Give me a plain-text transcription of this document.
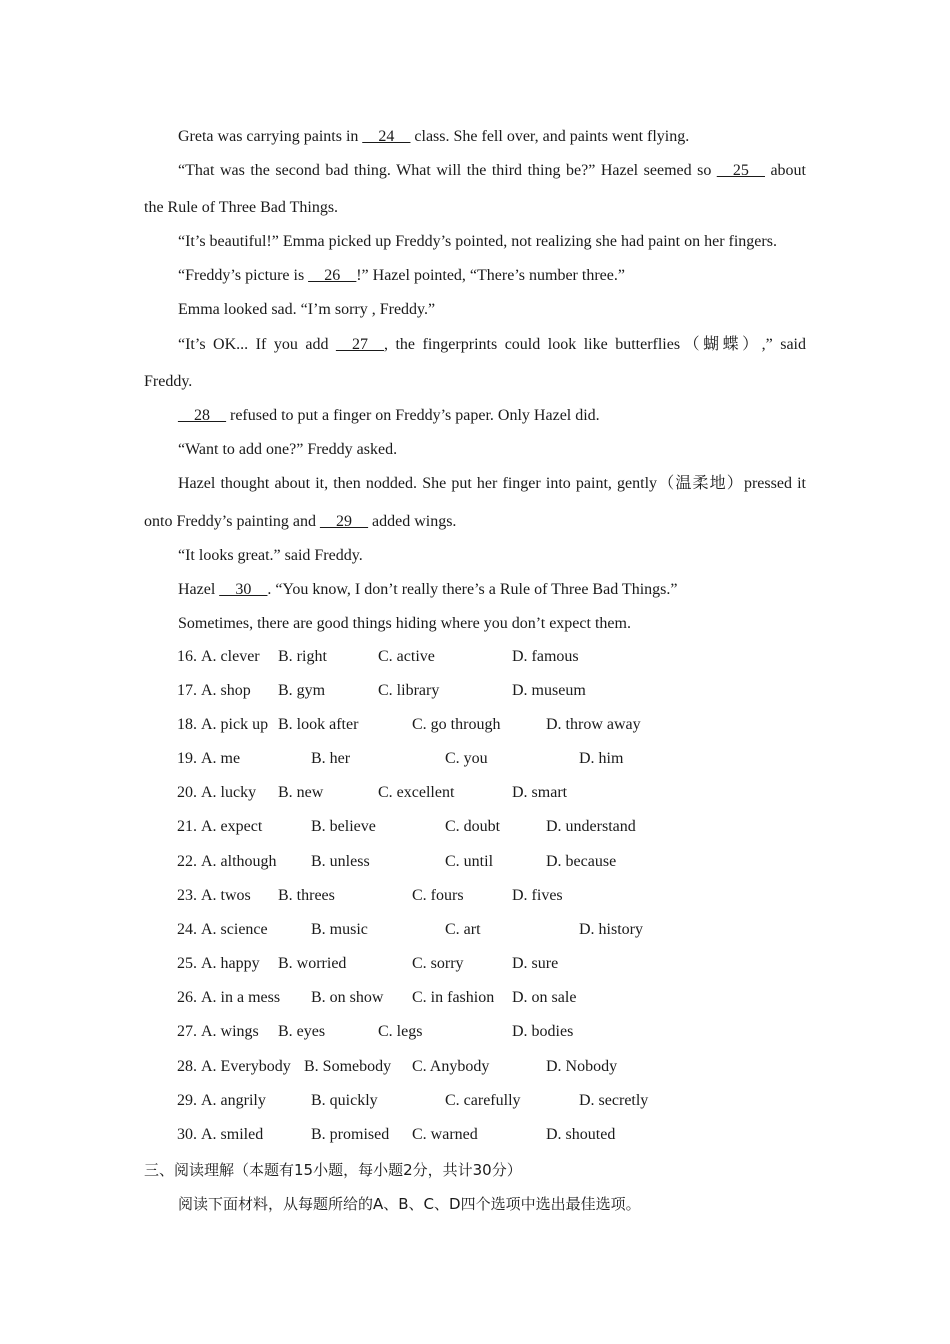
Greta was carrying paints in __24__ class. She fell over, and paints went flying.
“That was the second bad thing. What will the third thing be?” Hazel seemed so __25__ about
the Rule of Three Bad Things.
“It’s beautiful!” Emma picked up Freddy’s pointed, not realizing she had paint on her fingers.
“Freddy’s picture is __26__!” Hazel pointed, “There’s number three.”
Emma looked sad. “I’m sorry , Freddy.”
“It’s OK... If you add __27__, the fingerprints could look like butterflies（蝴蝶）,” said
Freddy.
__28__ refused to put a finger on Freddy’s paper. Only Hazel did.
“Want to add one?” Freddy asked.
Hazel thought about it, then nodded. She put her finger into paint, gently（温柔地）pressed it
onto Freddy’s painting and __29__ added wings.
“It looks great.” said Freddy.
Hazel __30__. “You know, I don’t really there’s a Rule of Three Bad Things.”
Sometimes, there are good things hiding where you don’t expect them.
16. A. clever B. right	C. active	D. famous
17. A. shop B. gym	C. library	D. museum
18. A. pick up B. look after	C. go through	D. throw away
19. A. me	B. her	C. you	D. him
20. A. lucky B. new	C. excellent	D. smart
21. A. expect	B. believe	C. doubt	D. understand
22. A. although B. unless	C. until	D. because
23. A. twos B. threes	C. fours	D. fives
24. A. science	B. music	C. art	D. history
25. A. happy B. worried	C. sorry	D. sure
26. A. in a mess B. on show C. in fashion D. on sale
27. A. wings B. eyes	C. legs	D. bodies
28. A. Everybody B. Somebody C. Anybody	D. Nobody
29. A. angrily	B. quickly	C. carefully	D. secretly
30. A. smiled	B. promised C. warned	D. shouted
三、阅读理解（本题有15小题，每小题2分，共计30分）
阅读下面材料，从每题所给的A、B、C、D四个选项中选出最佳选项。
